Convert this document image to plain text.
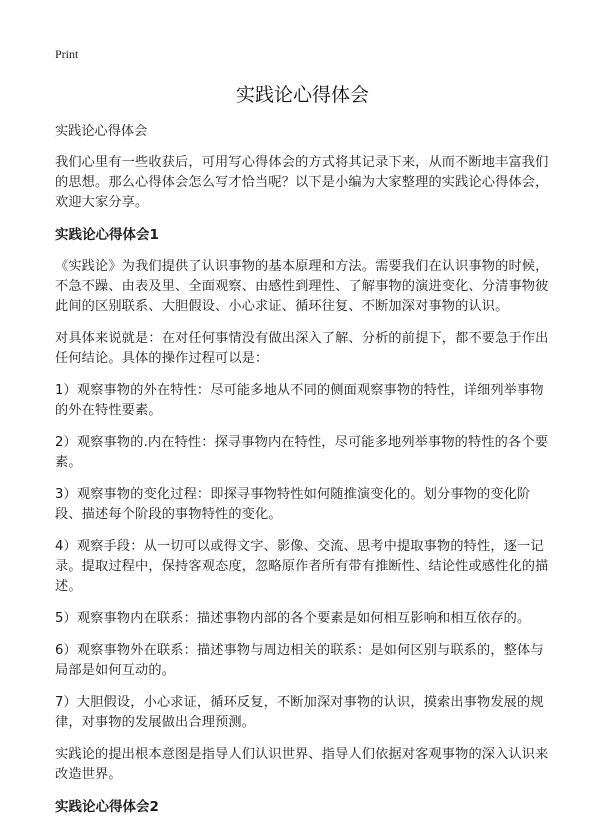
Print
实践论心得体会
实践论心得体会

我们心里有一些收获后，可用写心得体会的方式将其记录下来，从而不断地丰富我们的思想。那么心得体会怎么写才恰当呢？以下是小编为大家整理的实践论心得体会，欢迎大家分享。

实践论心得体会1

《实践论》为我们提供了认识事物的基本原理和方法。需要我们在认识事物的时候，不急不躁、由表及里、全面观察、由感性到理性、了解事物的演进变化、分清事物彼此间的区别联系、大胆假设、小心求证、循环往复、不断加深对事物的认识。

对具体来说就是：在对任何事情没有做出深入了解、分析的前提下，都不要急于作出任何结论。具体的操作过程可以是：

1）观察事物的外在特性：尽可能多地从不同的侧面观察事物的特性，详细列举事物的外在特性要素。

2）观察事物的.内在特性：探寻事物内在特性，尽可能多地列举事物的特性的各个要素。

3）观察事物的变化过程：即探寻事物特性如何随推演变化的。划分事物的变化阶段、描述每个阶段的事物特性的变化。

4）观察手段：从一切可以或得文字、影像、交流、思考中提取事物的特性，逐一记录。提取过程中，保持客观态度，忽略原作者所有带有推断性、结论性或感性化的描述。

5）观察事物内在联系：描述事物内部的各个要素是如何相互影响和相互依存的。

6）观察事物外在联系：描述事物与周边相关的联系：是如何区别与联系的，整体与局部是如何互动的。

7）大胆假设，小心求证，循环反复，不断加深对事物的认识，摸索出事物发展的规律，对事物的发展做出合理预测。

实践论的提出根本意图是指导人们认识世界、指导人们依据对客观事物的深入认识来改造世界。

实践论心得体会2
